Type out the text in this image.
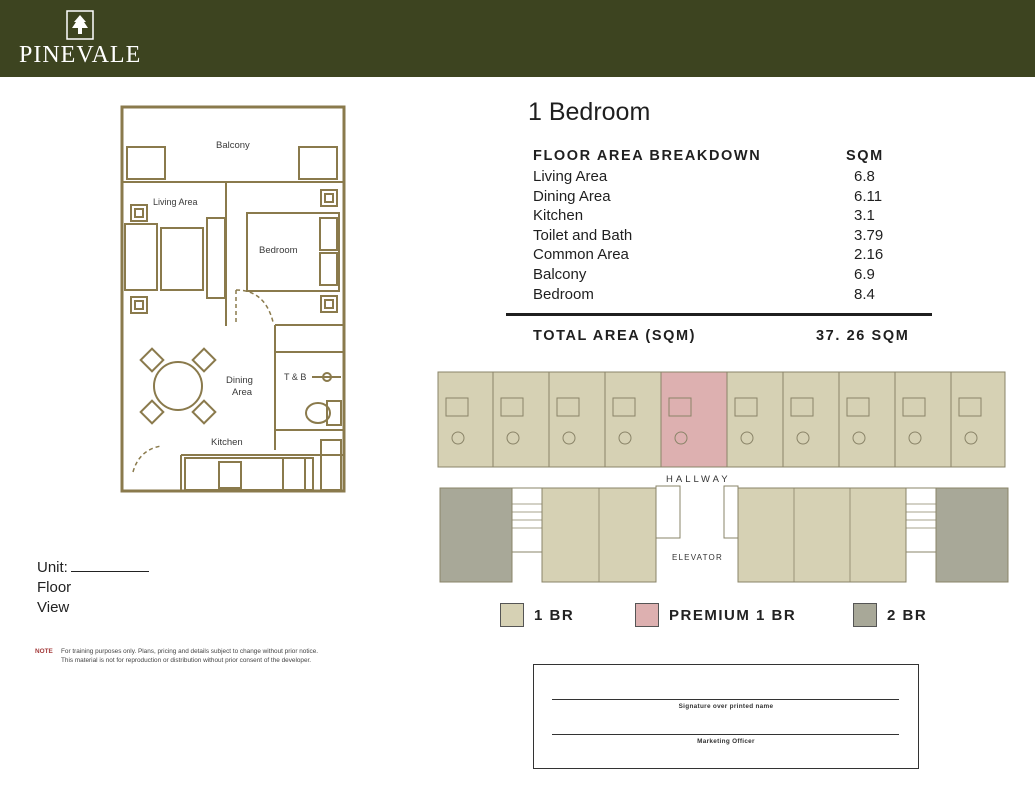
PINEVALE
Balcony
Living Area
Bedroom
Dining
Area
T & B
Kitchen
Unit:
Floor
View
NOTE For training purposes only. Plans, pricing and details subject to change without prior notice.
This material is not for reproduction or distribution without prior consent of the developer.
1 Bedroom
FLOOR AREA BREAKDOWN	SQM
Living Area	6.8
Dining Area	6.11
Kitchen	3.1
Toilet and Bath	3.79
Common Area	2.16
Balcony	6.9
Bedroom	8.4
TOTAL AREA (SQM)	37. 26 SQM
HALLWAY
ELEVATOR
1 BR	PREMIUM 1 BR	2 BR
Signature over printed name
Marketing Officer
